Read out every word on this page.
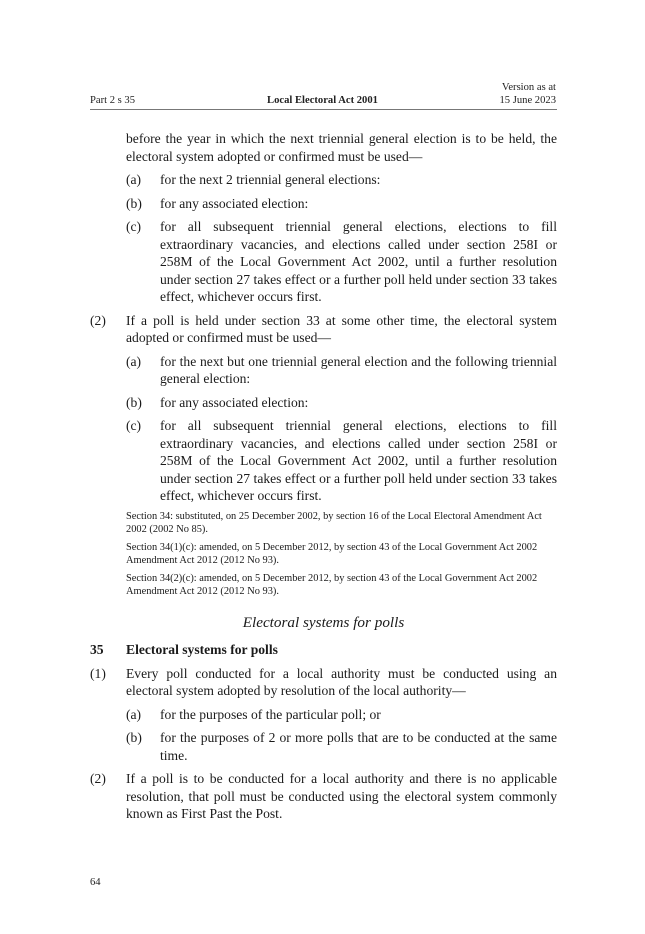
Part 2 s 35	Local Electoral Act 2001
Version as at
15 June 2023

before the year in which the next triennial general election is to be held, the electoral system adopted or confirmed must be used—

(a)	for the next 2 triennial general elections:
(b)	for any associated election:
(c)	for all subsequent triennial general elections, elections to fill extraordinary vacancies, and elections called under section 258I or 258M of the Local Government Act 2002, until a further resolution under section 27 takes effect or a further poll held under section 33 takes effect, whichever occurs first.
(2)	If a poll is held under section 33 at some other time, the electoral system adopted or confirmed must be used—
(a)	for the next but one triennial general election and the following triennial general election:
(b)	for any associated election:
(c)	for all subsequent triennial general elections, elections to fill extraordinary vacancies, and elections called under section 258I or 258M of the Local Government Act 2002, until a further resolution under section 27 takes effect or a further poll held under section 33 takes effect, whichever occurs first.
Section 34: substituted, on 25 December 2002, by section 16 of the Local Electoral Amendment Act 2002 (2002 No 85).
Section 34(1)(c): amended, on 5 December 2012, by section 43 of the Local Government Act 2002 Amendment Act 2012 (2012 No 93).
Section 34(2)(c): amended, on 5 December 2012, by section 43 of the Local Government Act 2002 Amendment Act 2012 (2012 No 93).
Electoral systems for polls
35	Electoral systems for polls
(1)	Every poll conducted for a local authority must be conducted using an electoral system adopted by resolution of the local authority—
(a)	for the purposes of the particular poll; or
(b)	for the purposes of 2 or more polls that are to be conducted at the same time.
(2)	If a poll is to be conducted for a local authority and there is no applicable resolution, that poll must be conducted using the electoral system commonly known as First Past the Post.
64
